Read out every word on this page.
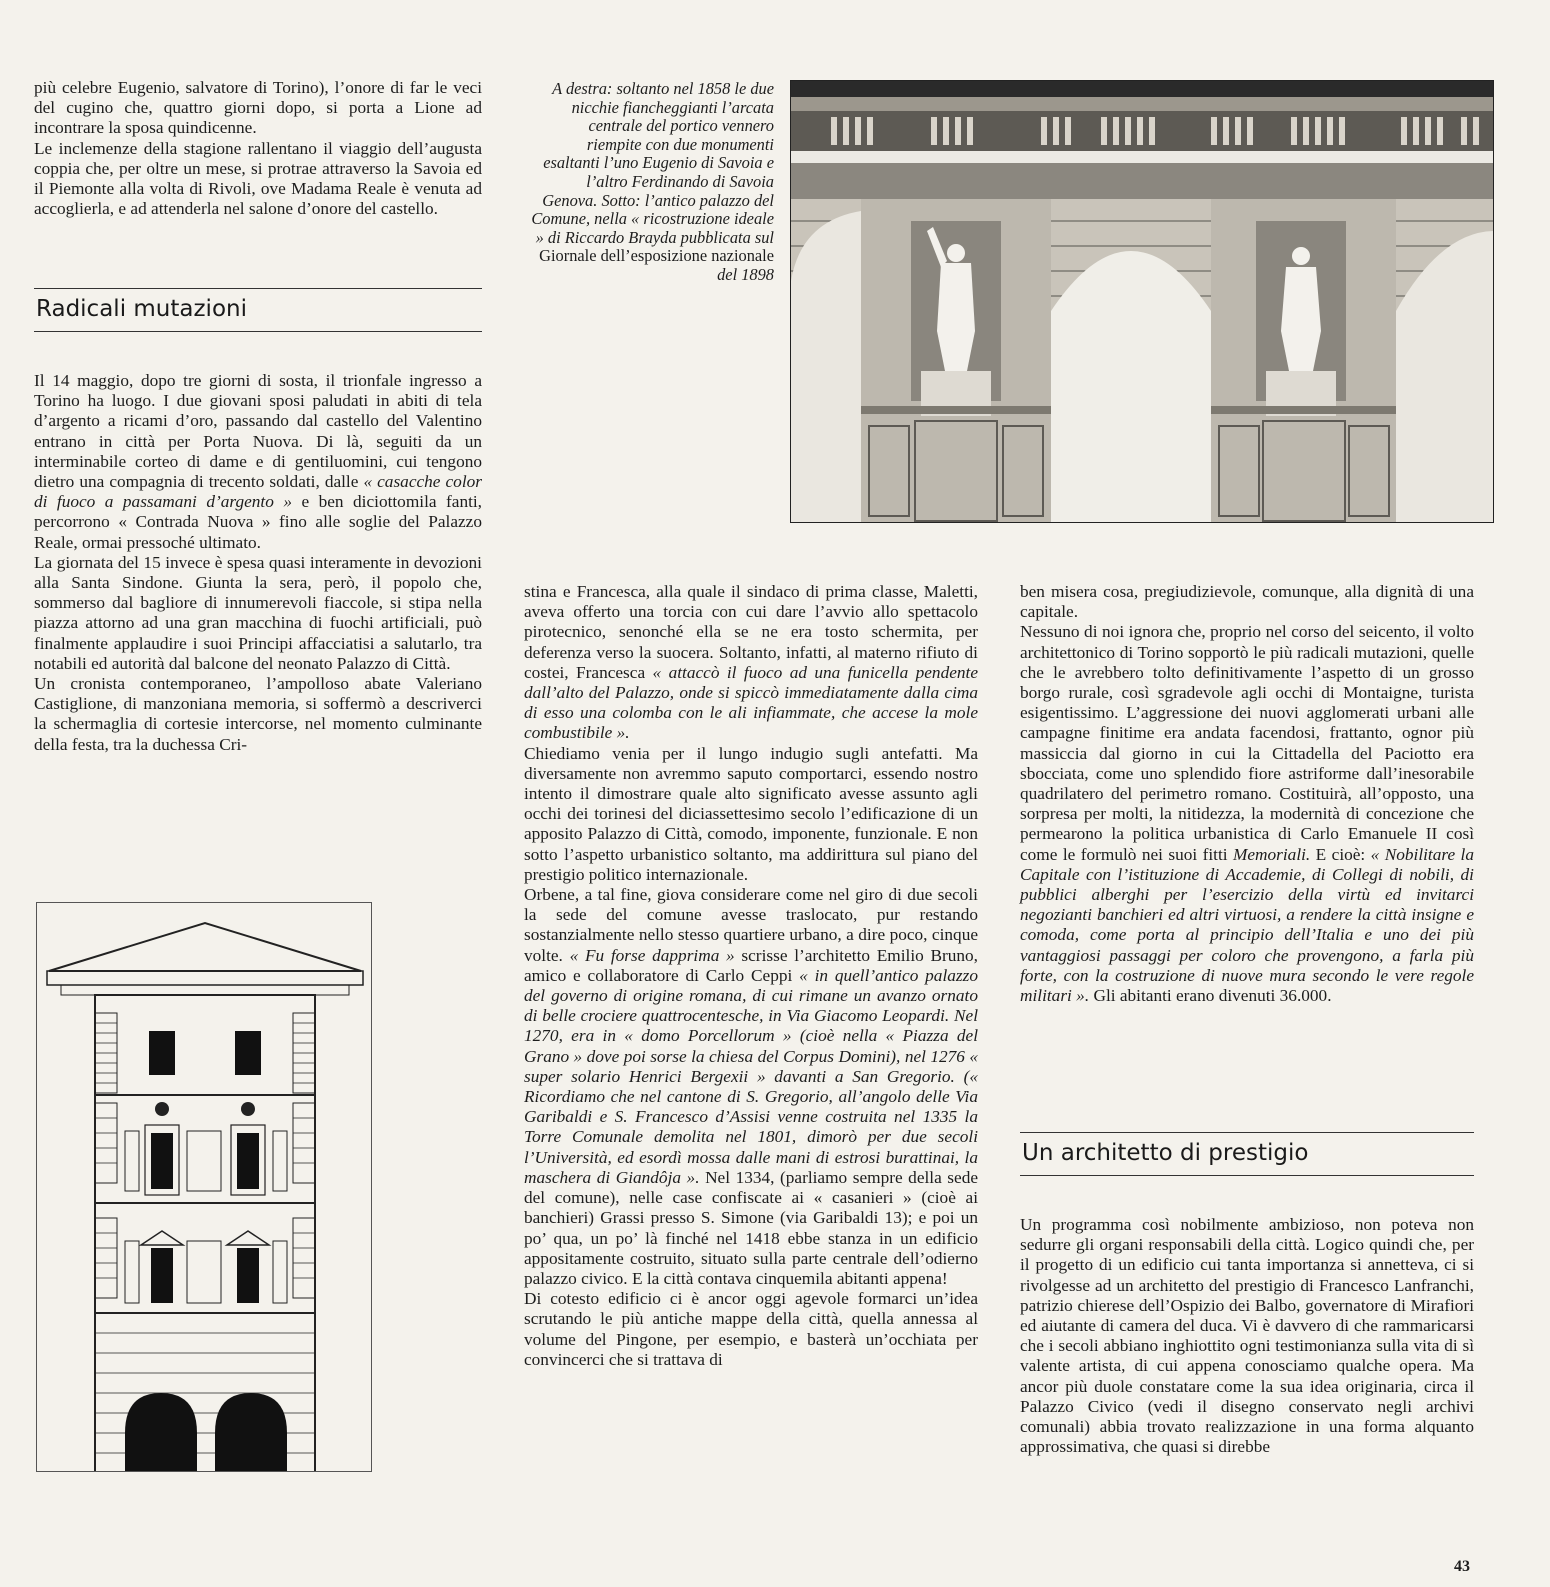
più celebre Eugenio, salvatore di Torino), l’onore di far le veci del cugino che, quattro giorni dopo, si porta a Lione ad incontrare la sposa quindicenne.

Le inclemenze della stagione rallentano il viaggio dell’augusta coppia che, per oltre un mese, si protrae attraverso la Savoia ed il Piemonte alla volta di Rivoli, ove Madama Reale è venuta ad accoglierla, e ad attenderla nel salone d’onore del castello.

Radicali mutazioni

Il 14 maggio, dopo tre giorni di sosta, il trionfale ingresso a Torino ha luogo. I due giovani sposi paludati in abiti di tela d’argento a ricami d’oro, passando dal castello del Valentino entrano in città per Porta Nuova. Di là, seguiti da un interminabile corteo di dame e di gentiluomini, cui tengono dietro una compagnia di trecento soldati, dalle « casacche color di fuoco a passamani d’argento » e ben diciottomila fanti, percorrono « Contrada Nuova » fino alle soglie del Palazzo Reale, ormai pressoché ultimato.

La giornata del 15 invece è spesa quasi interamente in devozioni alla Santa Sindone. Giunta la sera, però, il popolo che, sommerso dal bagliore di innumerevoli fiaccole, si stipa nella piazza attorno ad una gran macchina di fuochi artificiali, può finalmente applaudire i suoi Principi affacciatisi a salutarlo, tra notabili ed autorità dal balcone del neonato Palazzo di Città.

Un cronista contemporaneo, l’ampolloso abate Valeriano Castiglione, di manzoniana memoria, si soffermò a descriverci la schermaglia di cortesie intercorse, nel momento culminante della festa, tra la duchessa Cri-

A destra: soltanto nel 1858 le due nicchie fiancheggianti l’arcata centrale del portico vennero riempite con due monumenti esaltanti l’uno Eugenio di Savoia e l’altro Ferdinando di Savoia Genova. Sotto: l’antico palazzo del Comune, nella « ricostruzione ideale » di Riccardo Brayda pubblicata sul Giornale dell’esposizione nazionale del 1898

stina e Francesca, alla quale il sindaco di prima classe, Maletti, aveva offerto una torcia con cui dare l’avvio allo spettacolo pirotecnico, senonché ella se ne era tosto schermita, per deferenza verso la suocera. Soltanto, infatti, al materno rifiuto di costei, Francesca « attaccò il fuoco ad una funicella pendente dall’alto del Palazzo, onde si spiccò immediatamente dalla cima di esso una colomba con le ali infiammate, che accese la mole combustibile ».

Chiediamo venia per il lungo indugio sugli antefatti. Ma diversamente non avremmo saputo comportarci, essendo nostro intento il dimostrare quale alto significato avesse assunto agli occhi dei torinesi del diciassettesimo secolo l’edificazione di un apposito Palazzo di Città, comodo, imponente, funzionale. E non sotto l’aspetto urbanistico soltanto, ma addirittura sul piano del prestigio politico internazionale.

Orbene, a tal fine, giova considerare come nel giro di due secoli la sede del comune avesse traslocato, pur restando sostanzialmente nello stesso quartiere urbano, a dire poco, cinque volte. « Fu forse dapprima » scrisse l’architetto Emilio Bruno, amico e collaboratore di Carlo Ceppi « in quell’antico palazzo del governo di origine romana, di cui rimane un avanzo ornato di belle crociere quattrocentesche, in Via Giacomo Leopardi. Nel 1270, era in « domo Porcellorum » (cioè nella « Piazza del Grano » dove poi sorse la chiesa del Corpus Domini), nel 1276 « super solario Henrici Bergexii » davanti a San Gregorio. (« Ricordiamo che nel cantone di S. Gregorio, all’angolo delle Via Garibaldi e S. Francesco d’Assisi venne costruita nel 1335 la Torre Comunale demolita nel 1801, dimorò per due secoli l’Università, ed esordì mossa dalle mani di estrosi burattinai, la maschera di Giandôja ». Nel 1334, (parliamo sempre della sede del comune), nelle case confiscate ai « casanieri » (cioè ai banchieri) Grassi presso S. Simone (via Garibaldi 13); e poi un po’ qua, un po’ là finché nel 1418 ebbe stanza in un edificio appositamente costruito, situato sulla parte centrale dell’odierno palazzo civico. E la città contava cinquemila abitanti appena!

Di cotesto edificio ci è ancor oggi agevole formarci un’idea scrutando le più antiche mappe della città, quella annessa al volume del Pingone, per esempio, e basterà un’occhiata per convincerci che si trattava di

ben misera cosa, pregiudizievole, comunque, alla dignità di una capitale.

Nessuno di noi ignora che, proprio nel corso del seicento, il volto architettonico di Torino sopportò le più radicali mutazioni, quelle che le avrebbero tolto definitivamente l’aspetto di un grosso borgo rurale, così sgradevole agli occhi di Montaigne, turista esigentissimo. L’aggressione dei nuovi agglomerati urbani alle campagne finitime era andata facendosi, frattanto, ognor più massiccia dal giorno in cui la Cittadella del Paciotto era sbocciata, come uno splendido fiore astriforme dall’inesorabile quadrilatero del perimetro romano. Costituirà, all’opposto, una sorpresa per molti, la nitidezza, la modernità di concezione che permearono la politica urbanistica di Carlo Emanuele II così come le formulò nei suoi fitti Memoriali. E cioè: « Nobilitare la Capitale con l’istituzione di Accademie, di Collegi di nobili, di pubblici alberghi per l’esercizio della virtù ed invitarci negozianti banchieri ed altri virtuosi, a rendere la città insigne e comoda, come porta al principio dell’Italia e uno dei più vantaggiosi passaggi per coloro che provengono, a farla più forte, con la costruzione di nuove mura secondo le vere regole militari ». Gli abitanti erano divenuti 36.000.

Un architetto di prestigio

Un programma così nobilmente ambizioso, non poteva non sedurre gli organi responsabili della città. Logico quindi che, per il progetto di un edificio cui tanta importanza si annetteva, ci si rivolgesse ad un architetto del prestigio di Francesco Lanfranchi, patrizio chierese dell’Ospizio dei Balbo, governatore di Mirafiori ed aiutante di camera del duca. Vi è davvero di che rammaricarsi che i secoli abbiano inghiottito ogni testimonianza sulla vita di sì valente artista, di cui appena conosciamo qualche opera. Ma ancor più duole constatare come la sua idea originaria, circa il Palazzo Civico (vedi il disegno conservato negli archivi comunali) abbia trovato realizzazione in una forma alquanto approssimativa, che quasi si direbbe

43
